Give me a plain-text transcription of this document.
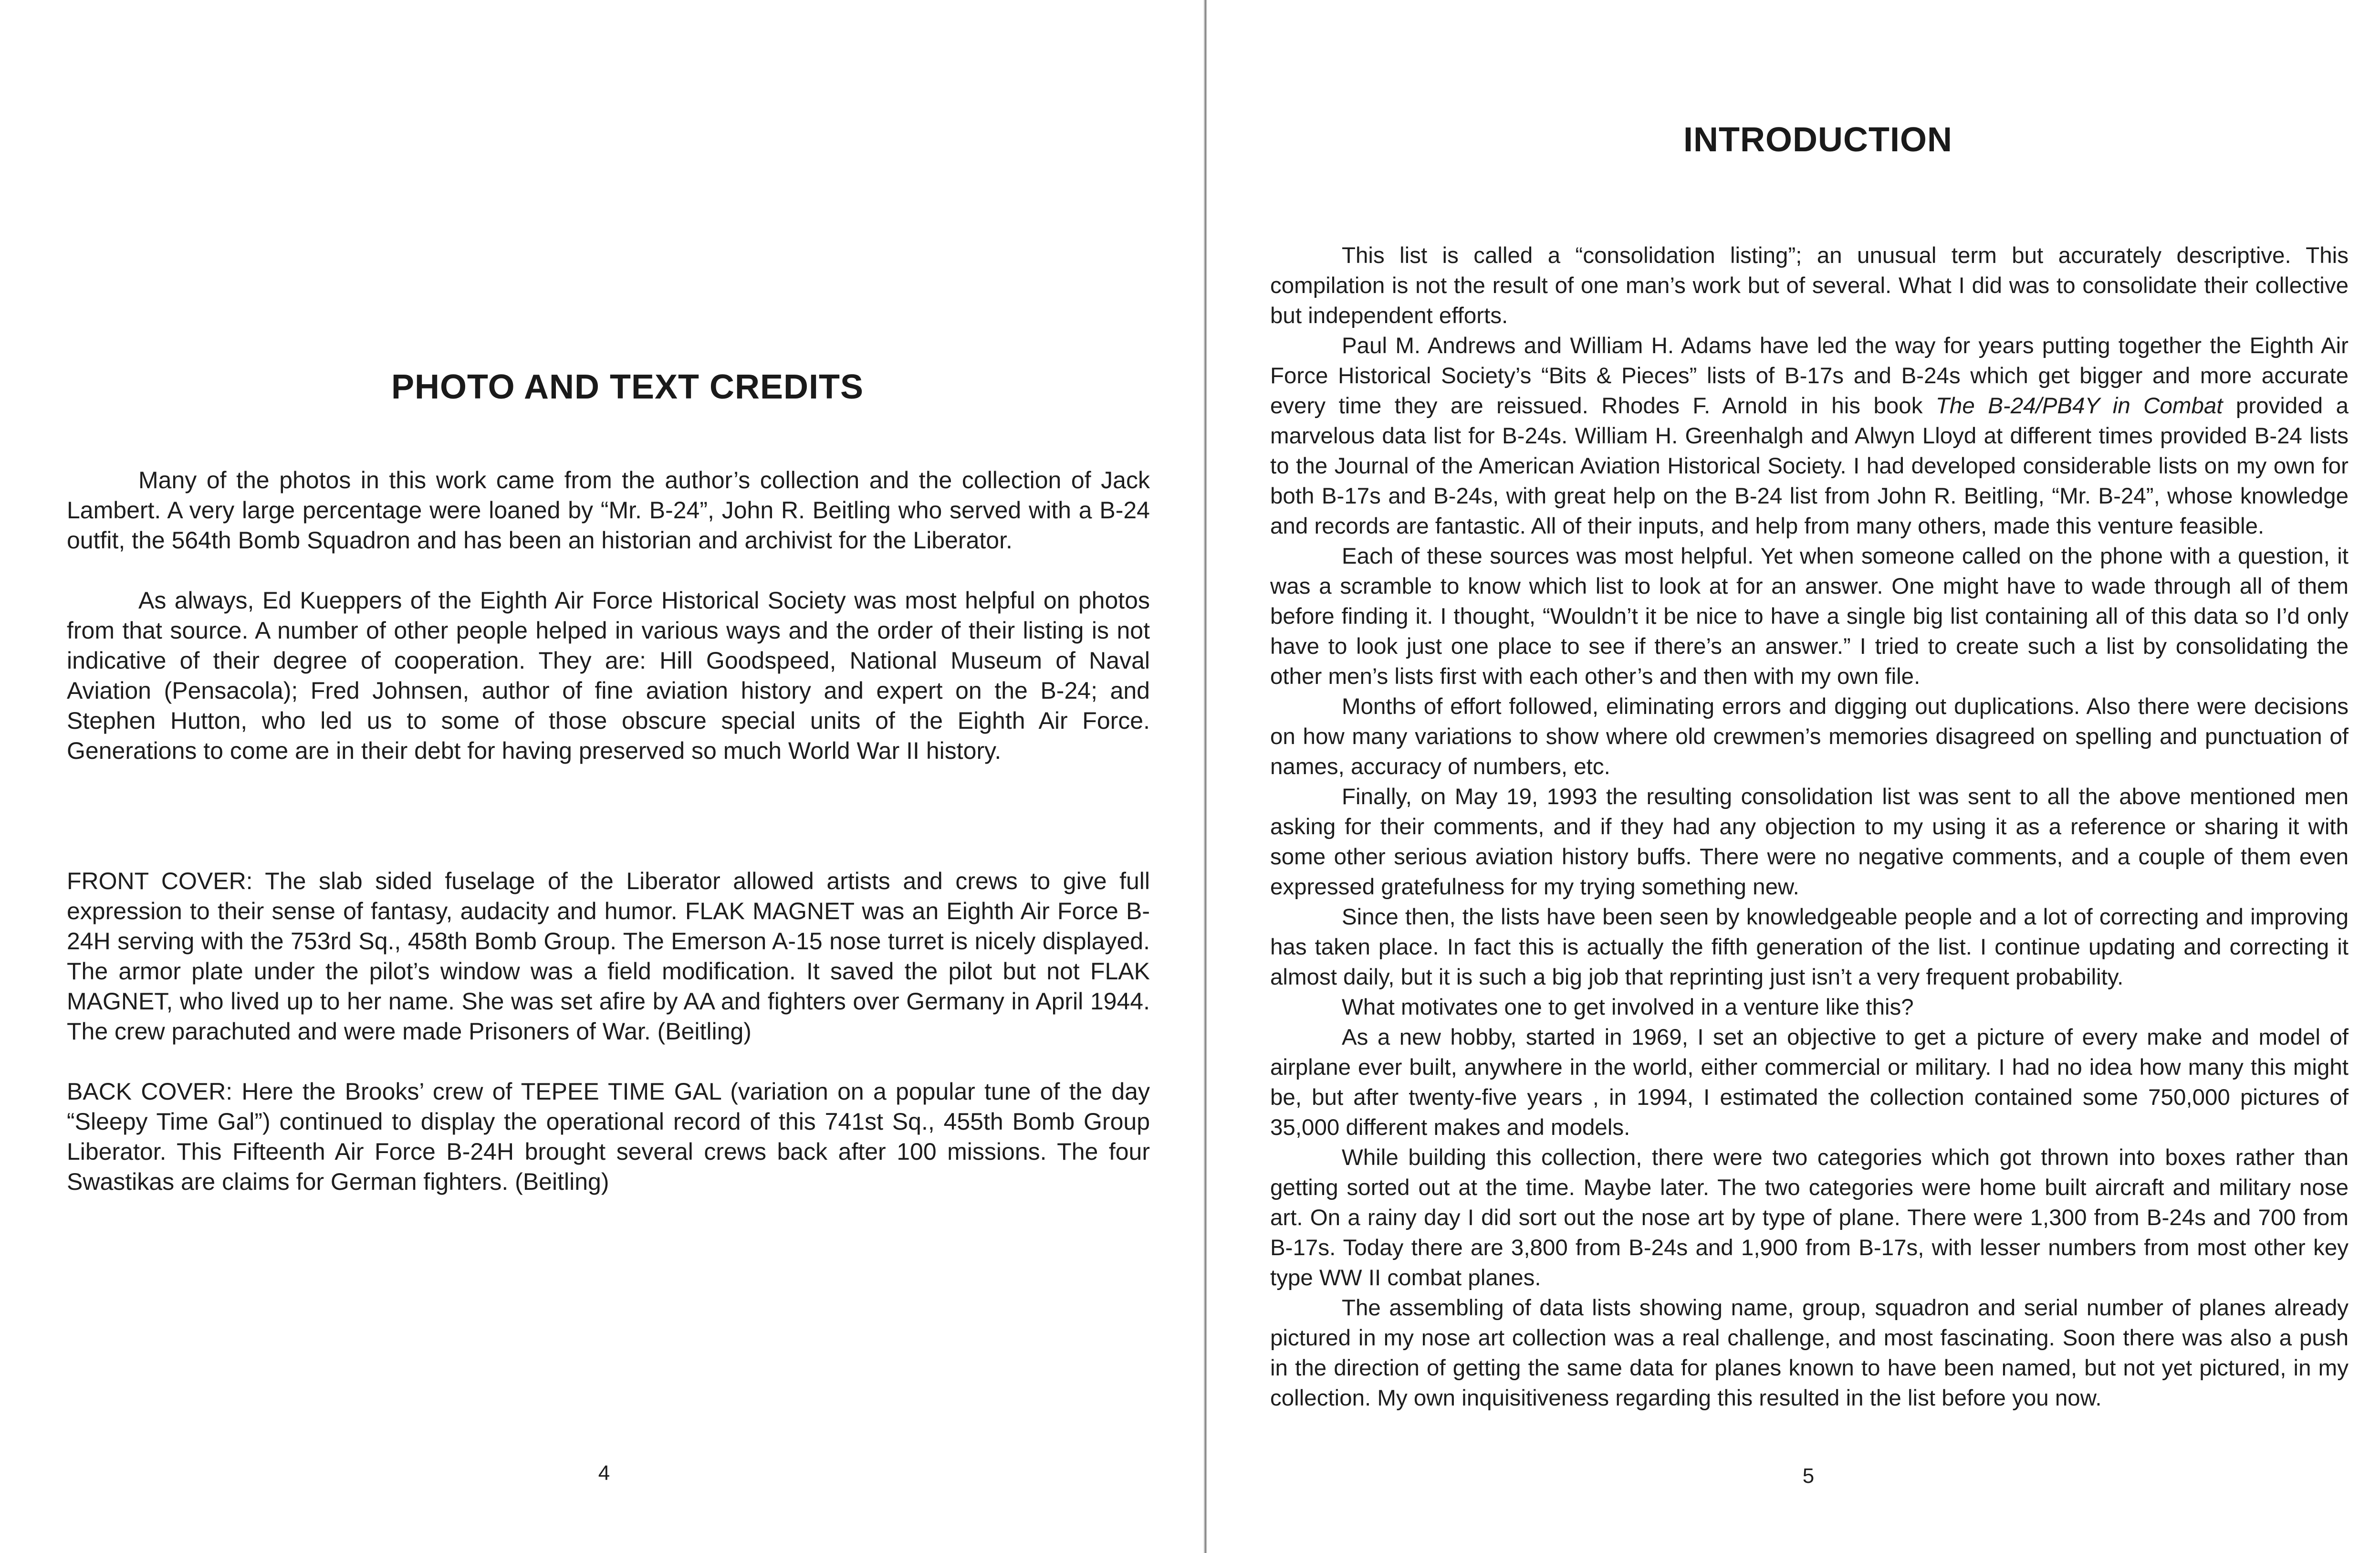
PHOTO AND TEXT CREDITS

Many of the photos in this work came from the author’s collection and the collection of Jack Lambert. A very large percentage were loaned by “Mr. B-24”, John R. Beitling who served with a B-24 outfit, the 564th Bomb Squadron and has been an historian and archivist for the Liberator.

As always, Ed Kueppers of the Eighth Air Force Historical Society was most helpful on photos from that source. A number of other people helped in various ways and the order of their listing is not indicative of their degree of cooperation. They are: Hill Goodspeed, National Museum of Naval Aviation (Pensacola); Fred Johnsen, author of fine aviation history and expert on the B-24; and Stephen Hutton, who led us to some of those obscure special units of the Eighth Air Force. Generations to come are in their debt for having preserved so much World War II history.

FRONT COVER: The slab sided fuselage of the Liberator allowed artists and crews to give full expression to their sense of fantasy, audacity and humor. FLAK MAGNET was an Eighth Air Force B-24H serving with the 753rd Sq., 458th Bomb Group. The Emerson A-15 nose turret is nicely displayed. The armor plate under the pilot’s window was a field modification. It saved the pilot but not FLAK MAGNET, who lived up to her name. She was set afire by AA and fighters over Germany in April 1944. The crew parachuted and were made Prisoners of War. (Beitling)

BACK COVER: Here the Brooks’ crew of TEPEE TIME GAL (variation on a popular tune of the day “Sleepy Time Gal”) continued to display the operational record of this 741st Sq., 455th Bomb Group Liberator. This Fifteenth Air Force B-24H brought several crews back after 100 missions. The four Swastikas are claims for German fighters. (Beitling)

4
INTRODUCTION

This list is called a “consolidation listing”; an unusual term but accurately descriptive. This compilation is not the result of one man’s work but of several. What I did was to consolidate their collective but independent efforts.

Paul M. Andrews and William H. Adams have led the way for years putting together the Eighth Air Force Historical Society’s “Bits & Pieces” lists of B-17s and B-24s which get bigger and more accurate every time they are reissued. Rhodes F. Arnold in his book The B-24/PB4Y in Combat provided a marvelous data list for B-24s. William H. Greenhalgh and Alwyn Lloyd at different times provided B-24 lists to the Journal of the American Aviation Historical Society. I had developed considerable lists on my own for both B-17s and B-24s, with great help on the B-24 list from John R. Beitling, “Mr. B-24”, whose knowledge and records are fantastic. All of their inputs, and help from many others, made this venture feasible.

Each of these sources was most helpful. Yet when someone called on the phone with a question, it was a scramble to know which list to look at for an answer. One might have to wade through all of them before finding it. I thought, “Wouldn’t it be nice to have a single big list containing all of this data so I’d only have to look just one place to see if there’s an answer.” I tried to create such a list by consolidating the other men’s lists first with each other’s and then with my own file.

Months of effort followed, eliminating errors and digging out duplications. Also there were decisions on how many variations to show where old crewmen’s memories disagreed on spelling and punctuation of names, accuracy of numbers, etc.

Finally, on May 19, 1993 the resulting consolidation list was sent to all the above mentioned men asking for their comments, and if they had any objection to my using it as a reference or sharing it with some other serious aviation history buffs. There were no negative comments, and a couple of them even expressed gratefulness for my trying something new.

Since then, the lists have been seen by knowledgeable people and a lot of correcting and improving has taken place. In fact this is actually the fifth generation of the list. I continue updating and correcting it almost daily, but it is such a big job that reprinting just isn’t a very frequent probability.

What motivates one to get involved in a venture like this?

As a new hobby, started in 1969, I set an objective to get a picture of every make and model of airplane ever built, anywhere in the world, either commercial or military. I had no idea how many this might be, but after twenty-five years , in 1994, I estimated the collection contained some 750,000 pictures of 35,000 different makes and models.

While building this collection, there were two categories which got thrown into boxes rather than getting sorted out at the time. Maybe later. The two categories were home built aircraft and military nose art. On a rainy day I did sort out the nose art by type of plane. There were 1,300 from B-24s and 700 from B-17s. Today there are 3,800 from B-24s and 1,900 from B-17s, with lesser numbers from most other key type WW II combat planes.

The assembling of data lists showing name, group, squadron and serial number of planes already pictured in my nose art collection was a real challenge, and most fascinating. Soon there was also a push in the direction of getting the same data for planes known to have been named, but not yet pictured, in my collection. My own inquisitiveness regarding this resulted in the list before you now.

5
